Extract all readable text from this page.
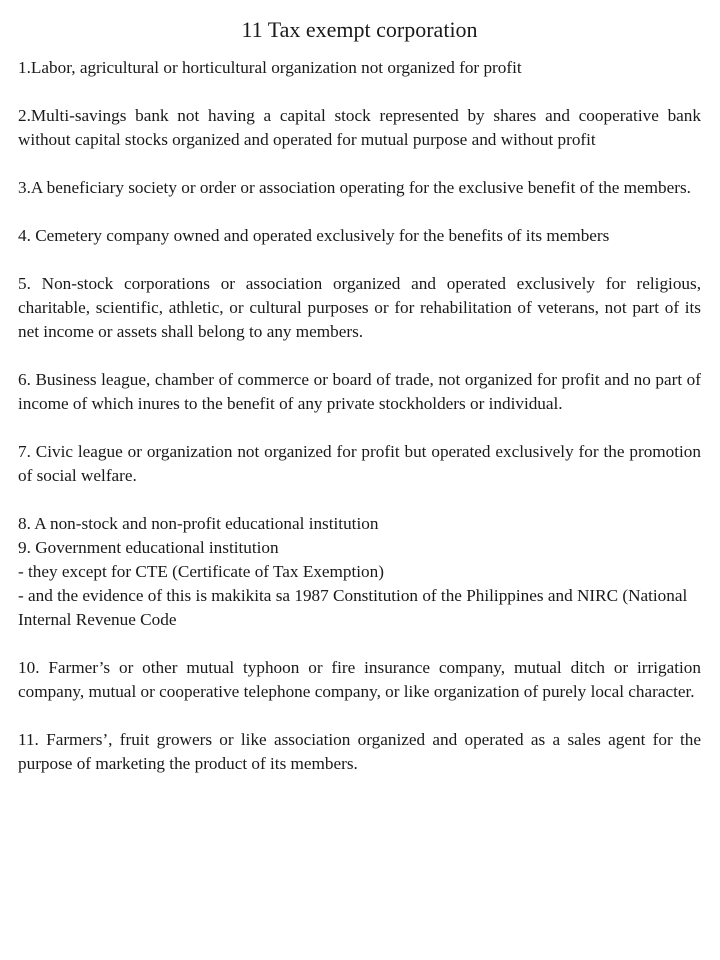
11 Tax exempt corporation

1.Labor, agricultural or horticultural organization not organized for profit

2.Multi-savings bank not having a capital stock represented by shares and cooperative bank without capital stocks organized and operated for mutual purpose and without profit

3.A beneficiary society or order or association operating for the exclusive benefit of the members.

4. Cemetery company owned and operated exclusively for the benefits of its members

5. Non-stock corporations or association organized and operated exclusively for religious, charitable, scientific, athletic, or cultural purposes or for rehabilitation of veterans, not part of its net income or assets shall belong to any members.

6. Business league, chamber of commerce or board of trade, not organized for profit and no part of income of which inures to the benefit of any private stockholders or individual.

7. Civic league or organization not organized for profit but operated exclusively for the promotion of social welfare.

8. A non-stock and non-profit educational institution
9. Government educational institution
- they except for CTE (Certificate of Tax Exemption)
- and the evidence of this is makikita sa 1987 Constitution of the Philippines and NIRC (National Internal Revenue Code

10. Farmer’s or other mutual typhoon or fire insurance company, mutual ditch or irrigation company, mutual or cooperative telephone company, or like organization of purely local character.

11. Farmers’, fruit growers or like association organized and operated as a sales agent for the purpose of marketing the product of its members.
